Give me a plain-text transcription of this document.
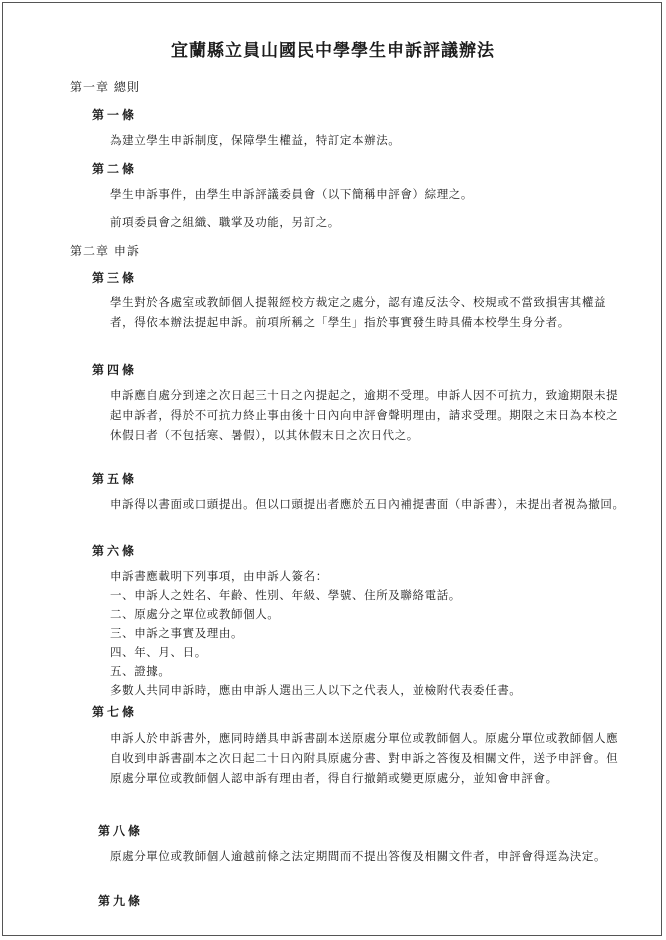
宜蘭縣立員山國民中學學生申訴評議辦法
第一章 總則
第一條
為建立學生申訴制度，保障學生權益，特訂定本辦法。
第二條
學生申訴事件，由學生申訴評議委員會（以下簡稱申評會）綜理之。
前項委員會之組織、職掌及功能，另訂之。
第二章 申訴
第三條
學生對於各處室或教師個人提報經校方裁定之處分，認有違反法令、校規或不當致損害其權益者，得依本辦法提起申訴。前項所稱之「學生」指於事實發生時具備本校學生身分者。
第四條
申訴應自處分到達之次日起三十日之內提起之，逾期不受理。申訴人因不可抗力，致逾期限未提起申訴者，得於不可抗力終止事由後十日內向申評會聲明理由，請求受理。期限之末日為本校之休假日者（不包括寒、暑假），以其休假末日之次日代之。
第五條
申訴得以書面或口頭提出。但以口頭提出者應於五日內補提書面（申訴書），未提出者視為撤回。
第六條
申訴書應載明下列事項，由申訴人簽名：
一、申訴人之姓名、年齡、性別、年級、學號、住所及聯絡電話。
二、原處分之單位或教師個人。
三、申訴之事實及理由。
四、年、月、日。
五、證據。
多數人共同申訴時，應由申訴人選出三人以下之代表人，並檢附代表委任書。
第七條
申訴人於申訴書外，應同時繕具申訴書副本送原處分單位或教師個人。原處分單位或教師個人應自收到申訴書副本之次日起二十日內附具原處分書、對申訴之答復及相關文件，送予申評會。但原處分單位或教師個人認申訴有理由者，得自行撤銷或變更原處分，並知會申評會。
第八條
原處分單位或教師個人逾越前條之法定期間而不提出答復及相關文件者，申評會得逕為決定。
第九條
